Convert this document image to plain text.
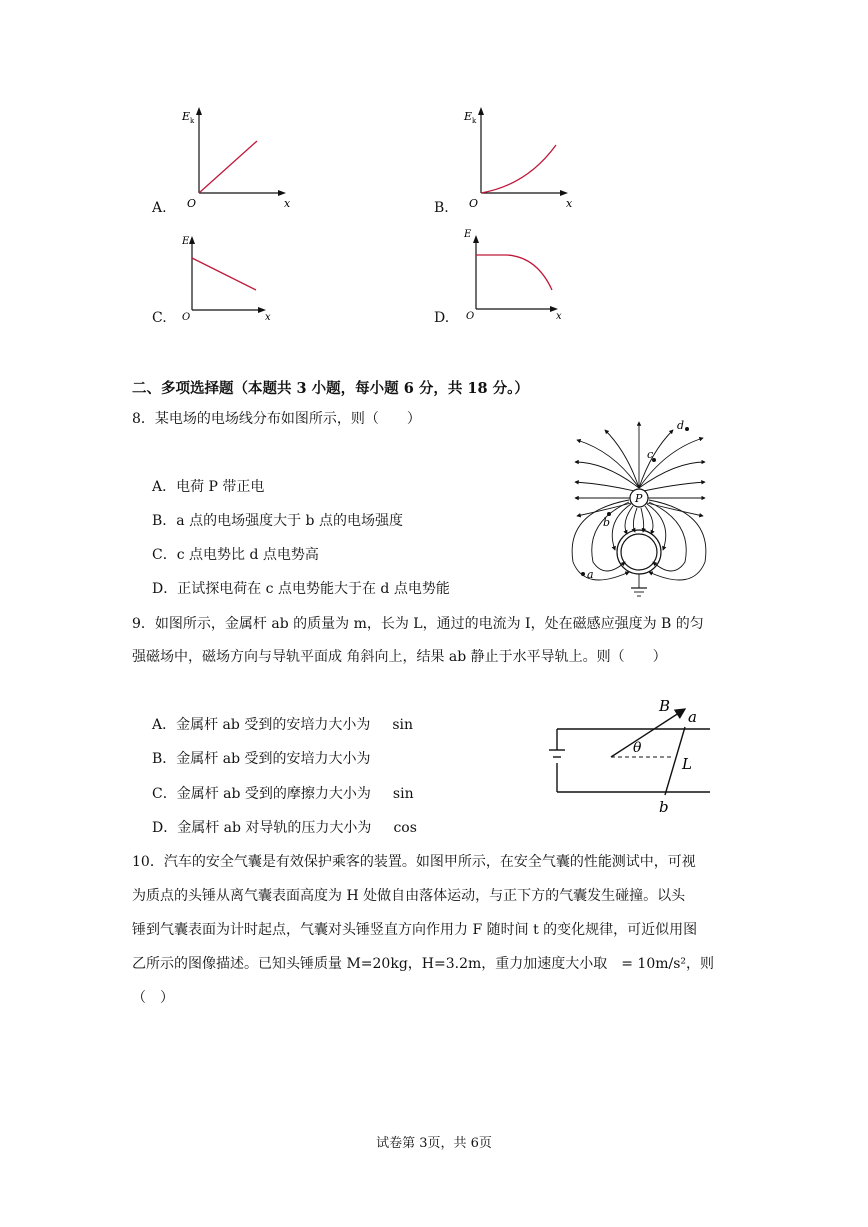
A.
E k
O	x	B.
E k
O	x
C.
E
O	x	D.
E
O	x
二、多项选择题（本题共 3 小题，每小题 6 分，共 18 分。）
8．某电场的电场线分布如图所示，则（　　）
A．电荷 P 带正电
B．a 点的电场强度大于 b 点的电场强度
C．c 点电势比 d 点电势高
D．正试探电荷在 c 点电势能大于在 d 点电势能
P
a
b
c
d
9．如图所示，金属杆 ab 的质量为 m，长为 L，通过的电流为 I，处在磁感应强度为 B 的匀
强磁场中，磁场方向与导轨平面成 角斜向上，结果 ab 静止于水平导轨上。则（　　）
A．金属杆 ab 受到的安培力大小为 sin
B．金属杆 ab 受到的安培力大小为
C．金属杆 ab 受到的摩擦力大小为 sin
D．金属杆 ab 对导轨的压力大小为 cos
B
a
b
θ
L
10．汽车的安全气囊是有效保护乘客的装置。如图甲所示，在安全气囊的性能测试中，可视
为质点的头锤从离气囊表面高度为 H 处做自由落体运动，与正下方的气囊发生碰撞。以头
锤到气囊表面为计时起点，气囊对头锤竖直方向作用力 F 随时间 t 的变化规律，可近似用图
乙所示的图像描述。已知头锤质量 M=20kg，H=3.2m，重力加速度大小取　= 10m/s²，则
（　）
试卷第 3页，共 6页
